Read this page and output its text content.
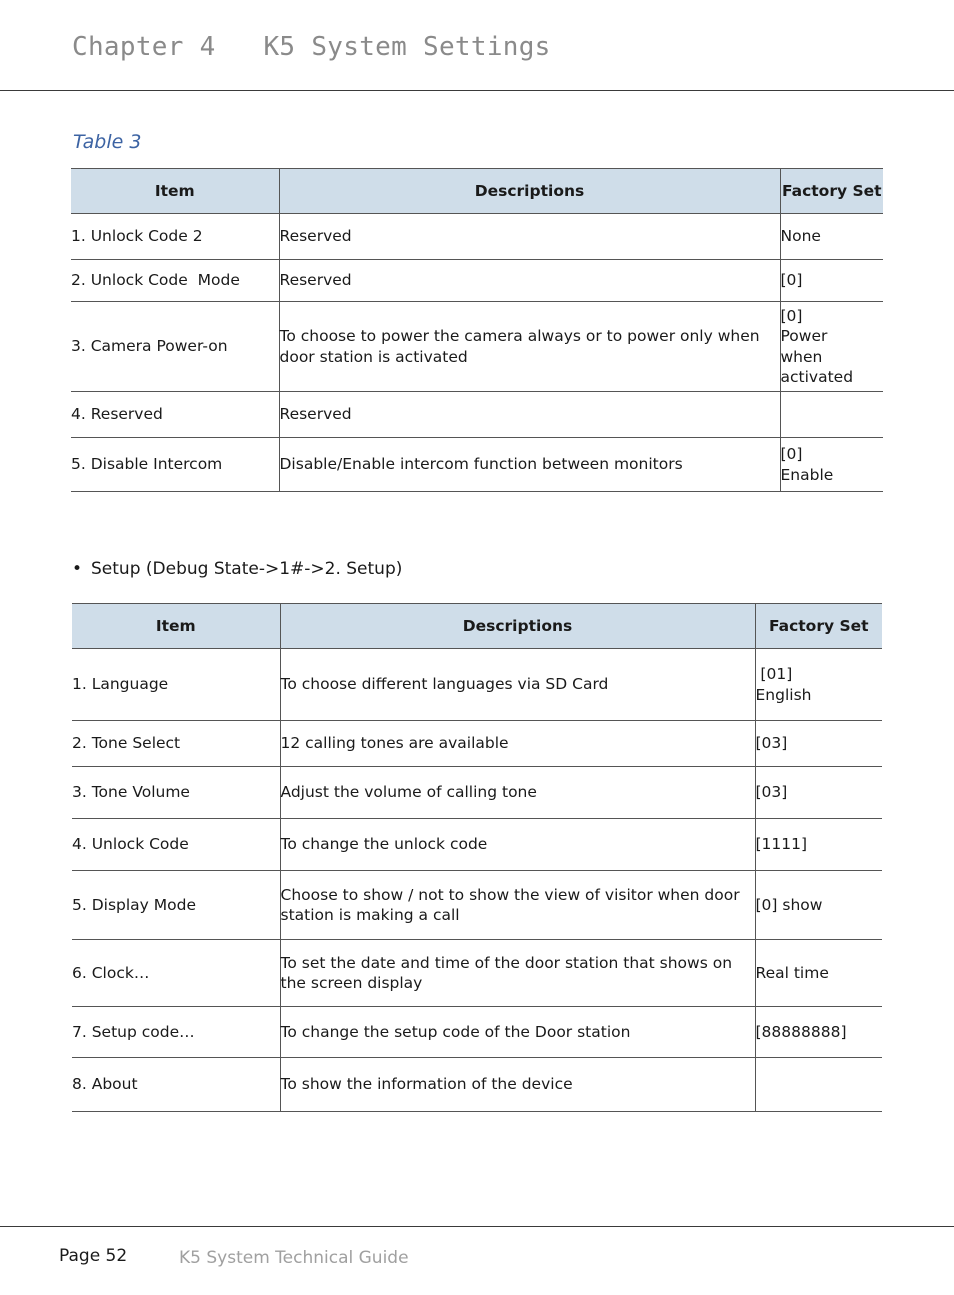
Chapter 4 K5 System Settings
Table 3
Item	Descriptions	Factory Set
1. Unlock Code 2	Reserved	None
2. Unlock Code  Mode	Reserved	[0]
3. Camera Power-on	To choose to power the camera always or to power only when door station is activated	[0]
Power
when
activated

4. Reserved	Reserved	
5. Disable Intercom	Disable/Enable intercom function between monitors	[0]
Enable
• Setup (Debug State->1#->2. Setup)
Item	Descriptions	Factory Set
1. Language	To choose different languages via SD Card	[01]
English

2. Tone Select	12 calling tones are available	[03]
3. Tone Volume	Adjust the volume of calling tone	[03]
4. Unlock Code	To change the unlock code	[1111]
5. Display Mode	Choose to show / not to show the view of visitor when door station is making a call	[0] show
6. Clock…	To set the date and time of the door station that shows on the screen display	Real time
7. Setup code…	To change the setup code of the Door station	[88888888]
8. About	To show the information of the device	
Page 52	K5 System Technical Guide
